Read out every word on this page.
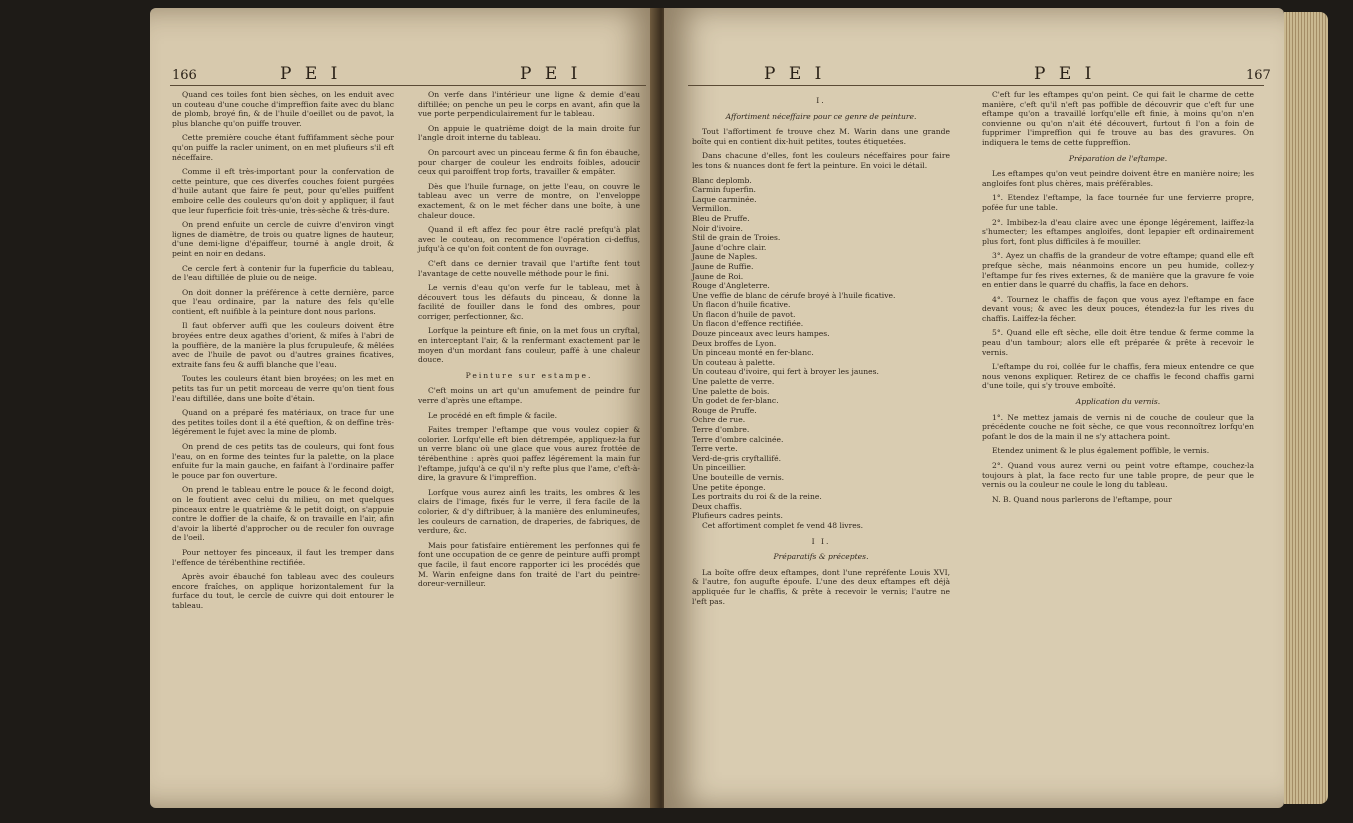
166	P E I	P E I

Quand ces toiles font bien sèches, on les enduit avec un couteau d'une couche d'impreffion faite avec du blanc de plomb, broyé fin, & de l'huile d'oeillet ou de pavot, la plus blanche qu'on puiffe trouver.

Cette première couche étant fuffifamment sèche pour qu'on puiffe la racler uniment, on en met plufieurs s'il eft néceffaire.

Comme il eft très-important pour la confervation de cette peinture, que ces diverfes couches foient purgées d'huile autant que faire fe peut, pour qu'elles puiffent emboire celle des couleurs qu'on doit y appliquer, il faut que leur fuperficie foit très-unie, très-sèche & très-dure.

On prend enfuite un cercle de cuivre d'environ vingt lignes de diamètre, de trois ou quatre lignes de hauteur, d'une demi-ligne d'épaiffeur, tourné à angle droit, & peint en noir en dedans.

Ce cercle fert à contenir fur la fuperficie du tableau, de l'eau diftillée de pluie ou de neige.

On doit donner la préférence à cette dernière, parce que l'eau ordinaire, par la nature des fels qu'elle contient, eft nuifible à la peinture dont nous parlons.

Il faut obferver auffi que les couleurs doivent être broyées entre deux agathes d'orient, & mifes à l'abri de la pouffière, de la manière la plus fcrupuleufe, & mêlées avec de l'huile de pavot ou d'autres graines ficatives, extraite fans feu & auffi blanche que l'eau.

Toutes les couleurs étant bien broyées; on les met en petits tas fur un petit morceau de verre qu'on tient fous l'eau diftillée, dans une boîte d'étain.

Quand on a préparé fes matériaux, on trace fur une des petites toiles dont il a été queftion, & on deffine très-légérement le fujet avec la mine de plomb.

On prend de ces petits tas de couleurs, qui font fous l'eau, on en forme des teintes fur la palette, on la place enfuite fur la main gauche, en faifant à l'ordinaire paffer le pouce par fon ouverture.

On prend le tableau entre le pouce & le fecond doigt, on le foutient avec celui du milieu, on met quelques pinceaux entre le quatrième & le petit doigt, on s'appuie contre le doffier de la chaife, & on travaille en l'air, afin d'avoir la liberté d'approcher ou de reculer fon ouvrage de l'oeil.

Pour nettoyer fes pinceaux, il faut les tremper dans l'effence de térébenthine rectifiée.

Après avoir ébauché fon tableau avec des couleurs encore fraîches, on applique horizontalement fur la furface du tout, le cercle de cuivre qui doit entourer le tableau.

On verfe dans l'intérieur une ligne & demie d'eau diftillée; on penche un peu le corps en avant, afin que la vue porte perpendiculairement fur le tableau.

On appuie le quatrième doigt de la main droite fur l'angle droit interne du tableau.

On parcourt avec un pinceau ferme & fin fon ébauche, pour charger de couleur les endroits foibles, adoucir ceux qui paroiffent trop forts, travailler & empâter.

Dès que l'huile furnage, on jette l'eau, on couvre le tableau avec un verre de montre, on l'enveloppe exactement, & on le met fécher dans une boîte, à une chaleur douce.

Quand il eft affez fec pour être raclé prefqu'à plat avec le couteau, on recommence l'opération ci-deffus, jufqu'à ce qu'on foit content de fon ouvrage.

C'eft dans ce dernier travail que l'artifte fent tout l'avantage de cette nouvelle méthode pour le fini.

Le vernis d'eau qu'on verfe fur le tableau, met à découvert tous les défauts du pinceau, & donne la facilité de fouiller dans le fond des ombres, pour corriger, perfectionner, &c.

Lorfque la peinture eft finie, on la met fous un cryftal, en interceptant l'air, & la renfermant exactement par le moyen d'un mordant fans couleur, paffé à une chaleur douce.

Peinture sur estampe.

C'eft moins un art qu'un amufement de peindre fur verre d'après une eftampe.

Le procédé en eft fimple & facile.

Faites tremper l'eftampe que vous voulez copier & colorier. Lorfqu'elle eft bien détrempée, appliquez-la fur un verre blanc où une glace que vous aurez frottée de térébenthine : après quoi paffez légérement la main fur l'eftampe, jufqu'à ce qu'il n'y refte plus que l'ame, c'eft-à-dire, la gravure & l'impreffion.

Lorfque vous aurez ainfi les traits, les ombres & les clairs de l'image, fixés fur le verre, il fera facile de la colorier, & d'y diftribuer, à la manière des enlumineufes, les couleurs de carnation, de draperies, de fabriques, de verdure, &c.

Mais pour fatisfaire entièrement les perfonnes qui fe font une occupation de ce genre de peinture auffi prompt que facile, il faut encore rapporter ici les procédés que M. Warin enfeigne dans fon traité de l'art du peintre-doreur-vernilleur.

P E I	P E I	167

I.

Affortiment néceffaire pour ce genre de peinture.

Tout l'affortiment fe trouve chez M. Warin dans une grande boîte qui en contient dix-huit petites, toutes étiquetées.

Dans chacune d'elles, font les couleurs néceffaires pour faire les tons & nuances dont fe fert la peinture. En voici le détail.

Blanc deplomb.

Carmin fuperfin.

Laque carminée.

Vermillon.

Bleu de Pruffe.

Noir d'ivoire.

Stil de grain de Troies.

Jaune d'ochre clair.

Jaune de Naples.

Jaune de Ruffie.

Jaune de Roi.

Rouge d'Angleterre.

Une veffie de blanc de cérufe broyé à l'huile ficative.

Un flacon d'huile ficative.

Un flacon d'huile de pavot.

Un flacon d'effence rectifiée.

Douze pinceaux avec leurs hampes.

Deux broffes de Lyon.

Un pinceau monté en fer-blanc.

Un couteau à palette.

Un couteau d'ivoire, qui fert à broyer les jaunes.

Une palette de verre.

Une palette de bois.

Un godet de fer-blanc.

Rouge de Pruffe.

Ochre de rue.

Terre d'ombre.

Terre d'ombre calcinée.

Terre verte.

Verd-de-gris cryftallifé.

Un pinceillier.

Une bouteille de vernis.

Une petite éponge.

Les portraits du roi & de la reine.

Deux chaffis.

Plufieurs cadres peints.

Cet affortiment complet fe vend 48 livres.

I I.

Préparatifs & préceptes.

La boîte offre deux eftampes, dont l'une repréfente Louis XVI, & l'autre, fon augufte époufe. L'une des deux eftampes eft déjà appliquée fur le chaffis, & prête à recevoir le vernis; l'autre ne l'eft pas.

C'eft fur les eftampes qu'on peint. Ce qui fait le charme de cette manière, c'eft qu'il n'eft pas poffible de découvrir que c'eft fur une eftampe qu'on a travaillé lorfqu'elle eft finie, à moins qu'on n'en convienne ou qu'on n'ait été découvert, furtout fi l'on a foin de fupprimer l'impreffion qui fe trouve au bas des gravures. On indiquera le tems de cette fuppreffion.

Préparation de l'eftampe.

Les eftampes qu'on veut peindre doivent être en manière noire; les angloifes font plus chères, mais préférables.

1°. Etendez l'eftampe, la face tournée fur une fervierre propre, pofée fur une table.

2°. Imbibez-la d'eau claire avec une éponge légérement, laiffez-la s'humecter; les eftampes angloifes, dont lepapier eft ordinairement plus fort, font plus difficiles à fe mouiller.

3°. Ayez un chaffis de la grandeur de votre eftampe; quand elle eft prefque sèche, mais néanmoins encore un peu humide, collez-y l'eftampe fur fes rives externes, & de manière que la gravure fe voie en entier dans le quarré du chaffis, la face en dehors.

4°. Tournez le chaffis de façon que vous ayez l'eftampe en face devant vous; & avec les deux pouces, étendez-la fur les rives du chaffis. Laiffez-la fécher.

5°. Quand elle eft sèche, elle doit être tendue & ferme comme la peau d'un tambour; alors elle eft préparée & prête à recevoir le vernis.

L'eftampe du roi, collée fur le chaffis, fera mieux entendre ce que nous venons expliquer. Retirez de ce chaffis le fecond chaffis garni d'une toile, qui s'y trouve emboîté.

Application du vernis.

1°. Ne mettez jamais de vernis ni de couche de couleur que la précédente couche ne foit sèche, ce que vous reconnoîtrez lorfqu'en pofant le dos de la main il ne s'y attachera point.

Etendez uniment & le plus également poffible, le vernis.

2°. Quand vous aurez verni ou peint votre eftampe, couchez-la toujours à plat, la face recto fur une table propre, de peur que le vernis ou la couleur ne coule le long du tableau.

N. B. Quand nous parlerons de l'eftampe, pour
